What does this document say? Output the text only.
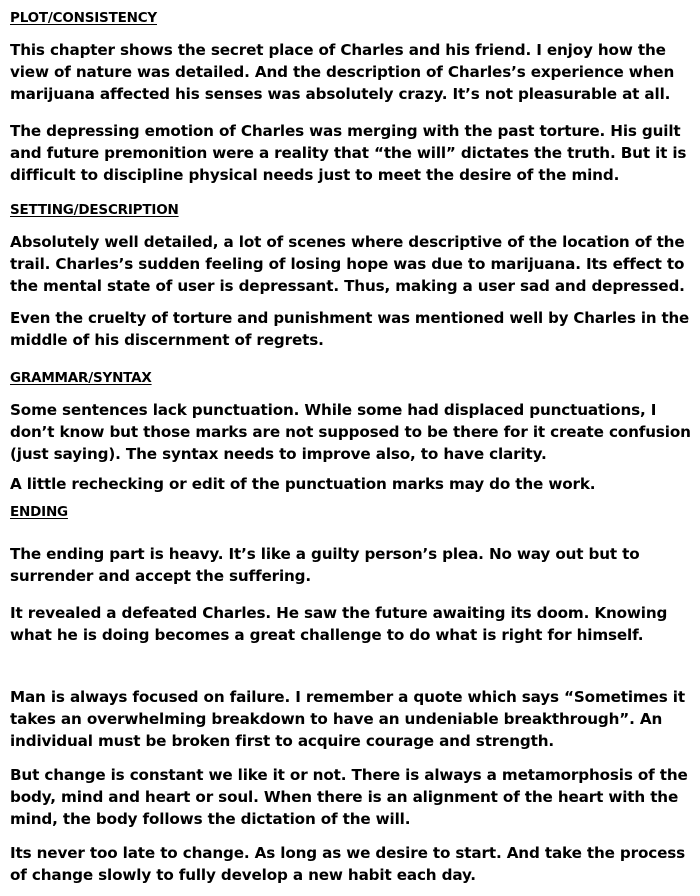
PLOT/CONSISTENCY
This chapter shows the secret place of Charles and his friend. I enjoy how the
view of nature was detailed. And the description of Charles’s experience when
marijuana affected his senses was absolutely crazy. It’s not pleasurable at all.
The depressing emotion of Charles was merging with the past torture. His guilt
and future premonition were a reality that “the will” dictates the truth. But it is
difficult to discipline physical needs just to meet the desire of the mind.
SETTING/DESCRIPTION
Absolutely well detailed, a lot of scenes where descriptive of the location of the
trail. Charles’s sudden feeling of losing hope was due to marijuana. Its effect to
the mental state of user is depressant. Thus, making a user sad and depressed.
Even the cruelty of torture and punishment was mentioned well by Charles in the
middle of his discernment of regrets.
GRAMMAR/SYNTAX
Some sentences lack punctuation. While some had displaced punctuations, I
don’t know but those marks are not supposed to be there for it create confusion
(just saying). The syntax needs to improve also, to have clarity.
A little rechecking or edit of the punctuation marks may do the work.
ENDING
The ending part is heavy. It’s like a guilty person’s plea. No way out but to
surrender and accept the suffering.
It revealed a defeated Charles. He saw the future awaiting its doom. Knowing
what he is doing becomes a great challenge to do what is right for himself.
Man is always focused on failure. I remember a quote which says “Sometimes it
takes an overwhelming breakdown to have an undeniable breakthrough”. An
individual must be broken first to acquire courage and strength.
But change is constant we like it or not. There is always a metamorphosis of the
body, mind and heart or soul. When there is an alignment of the heart with the
mind, the body follows the dictation of the will.
Its never too late to change. As long as we desire to start. And take the process
of change slowly to fully develop a new habit each day.
